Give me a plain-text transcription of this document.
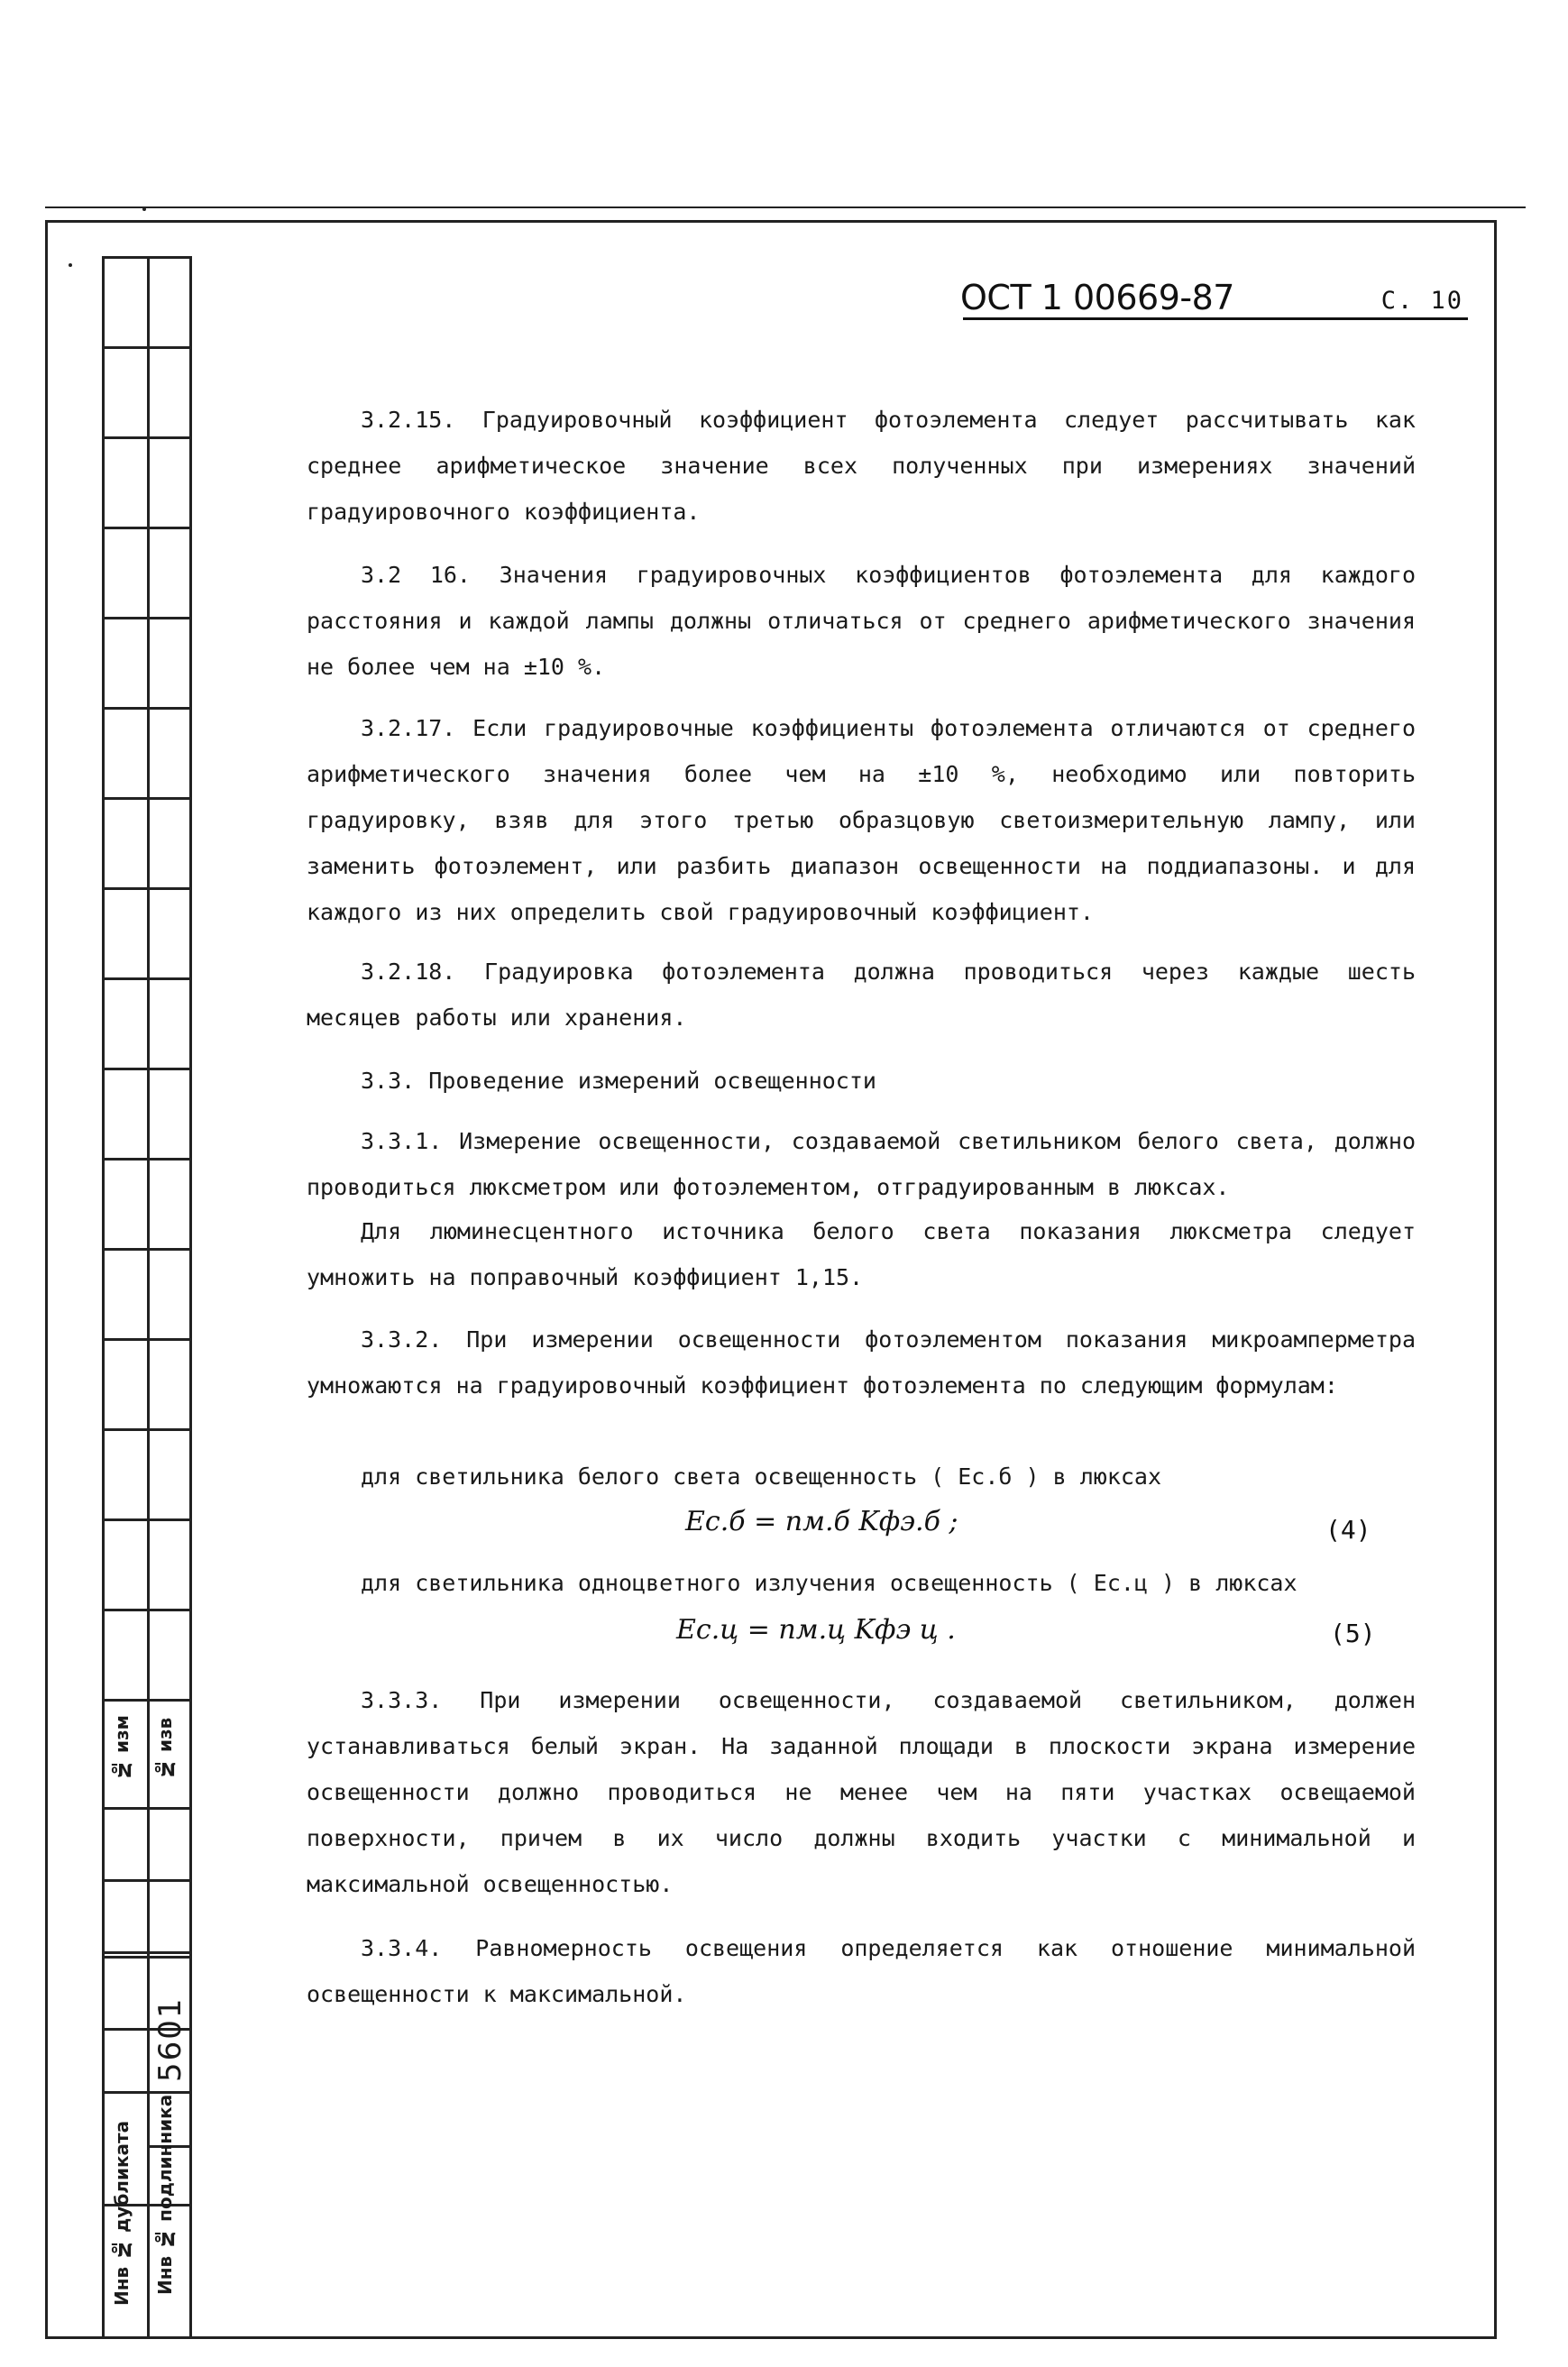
№ изм	№ изв
5601
Инв № дубликата	Инв № подлинника
ОСТ 1 00669-87	С. 10
3.2.15. Градуировочный коэффициент фотоэлемента следует рассчитывать как среднее арифметическое значение всех полученных при измерениях значений градуировочного коэффициента.
3.2 16. Значения градуировочных коэффициентов фотоэлемента для каждого расстояния и каждой лампы должны отличаться от среднего арифметического значения не более чем на ±10 %.
3.2.17. Если градуировочные коэффициенты фотоэлемента отличаются от среднего арифметического значения более чем на ±10 %, необходимо или повторить градуировку, взяв для этого третью образцовую светоизмерительную лампу, или заменить фотоэлемент, или разбить диапазон освещенности на поддиапазоны. и для каждого из них определить свой градуировочный коэффициент.
3.2.18. Градуировка фотоэлемента должна проводиться через каждые шесть месяцев работы или хранения.
3.3. Проведение измерений освещенности
3.3.1. Измерение освещенности, создаваемой светильником белого света, должно проводиться люксметром или фотоэлементом, отградуированным в люксах.
Для люминесцентного источника белого света показания люксметра следует умножить на поправочный коэффициент 1,15.
3.3.2. При измерении освещенности фотоэлементом показания микроамперметра умножаются на градуировочный коэффициент фотоэлемента по следующим формулам:
для светильника белого света освещенность ( Eс.б ) в люксах
Eс.б = nм.б Kфэ.б ;	(4)
для светильника одноцветного излучения освещенность ( Eс.ц ) в люксах
Eс.ц = nм.ц Kфэ ц .	(5)
3.3.3. При измерении освещенности, создаваемой светильником, должен устанавливаться белый экран. На заданной площади в плоскости экрана измерение освещенности должно проводиться не менее чем на пяти участках освещаемой поверхности, причем в их число должны входить участки с минимальной и максимальной освещенностью.
3.3.4. Равномерность освещения определяется как отношение минимальной освещенности к максимальной.
